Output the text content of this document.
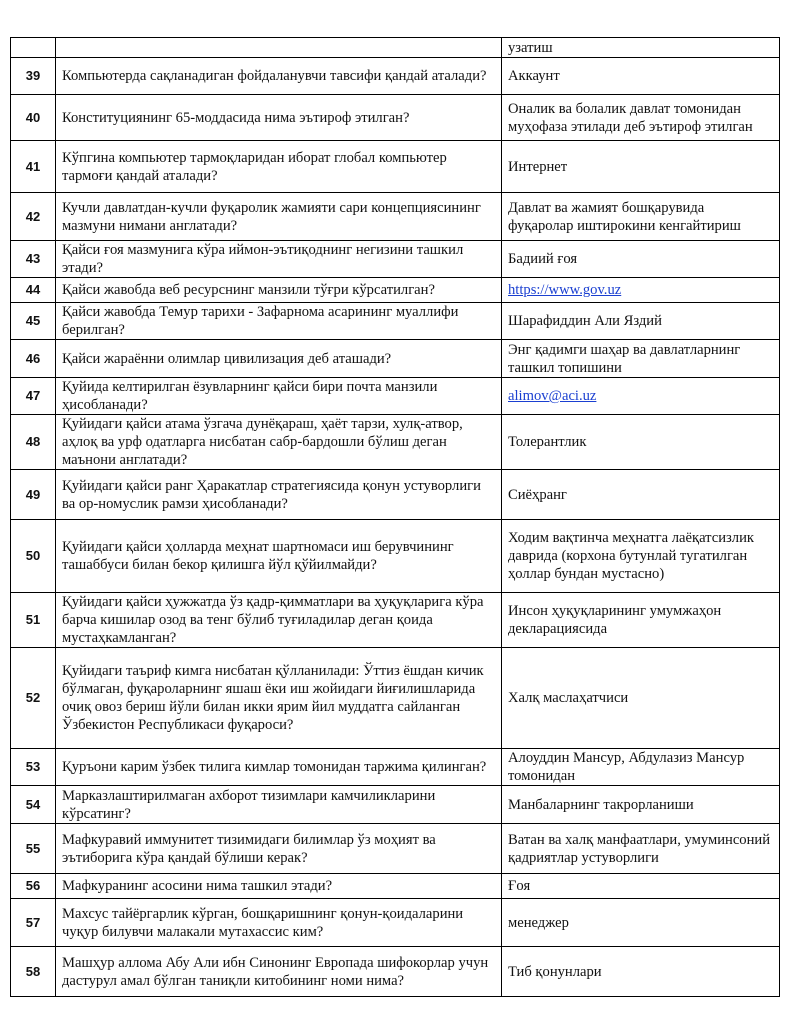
		узатиш
39	Компьютерда сақланадиган фойдаланувчи тавсифи қандай аталади?	Аккаунт
40	Конституциянинг 65-моддасида нима эътироф этилган?	Оналик ва болалик давлат томонидан муҳофаза этилади деб эътироф этилган
41	Кўпгина компьютер тармоқларидан иборат глобал компьютер тармоғи қандай аталади?	Интернет
42	Кучли давлатдан-кучли фуқаролик жамияти сари концепциясининг мазмуни нимани англатади?	Давлат ва жамият бошқарувида фуқаролар иштирокини кенгайтириш
43	Қайси ғоя мазмунига кўра иймон-эътиқоднинг негизини ташкил этади?	Бадиий ғоя
44	Қайси жавобда веб ресурснинг манзили тўғри кўрсатилган?	https://www.gov.uz
45	Қайси жавобда Темур тарихи - Зафарнома асарининг муаллифи берилган?	Шарафиддин Али Яздий
46	Қайси жараённи олимлар цивилизация деб аташади?	Энг қадимги шаҳар ва давлатларнинг ташкил топишини
47	Қуйида келтирилган ёзувларнинг қайси бири почта манзили ҳисобланади?	alimov@aci.uz
48	Қуйидаги қайси атама ўзгача дунёқараш, ҳаёт тарзи, хулқ-атвор, аҳлоқ ва урф одатларга нисбатан сабр-бардошли бўлиш деган маънони англатади?	Толерантлик
49	Қуйидаги қайси ранг Ҳаракатлар стратегиясида қонун устуворлиги ва ор-номуслик рамзи ҳисобланади?	Сиёҳранг
50	Қуйидаги қайси ҳолларда меҳнат шартномаси иш берувчининг ташаббуси билан бекор қилишга йўл қўйилмайди?	Ходим вақтинча меҳнатга лаёқатсизлик даврида (корхона бутунлай тугатилган ҳоллар бундан мустасно)
51	Қуйидаги қайси ҳужжатда ўз қадр-қимматлари ва ҳуқуқларига кўра барча кишилар озод ва тенг бўлиб туғиладилар деган қоида мустаҳкамланган?	Инсон ҳуқуқларининг умумжаҳон декларациясида
52	Қуйидаги таъриф кимга нисбатан қўлланилади: Ўттиз ёшдан кичик бўлмаган, фуқароларнинг яшаш ёки иш жойидаги йиғилишларида очиқ овоз бериш йўли билан икки ярим йил муддатга сайланган Ўзбекистон Республикаси фуқароси?	Халқ маслаҳатчиси
53	Қуръони карим ўзбек тилига кимлар томонидан таржима қилинган?	Алоуддин Мансур, Абдулазиз Мансур томонидан
54	Марказлаштирилмаган ахборот тизимлари камчиликларини кўрсатинг?	Манбаларнинг такрорланиши
55	Мафкуравий иммунитет тизимидаги билимлар ўз моҳият ва эътиборига кўра қандай бўлиши керак?	Ватан ва халқ манфаатлари, умуминсоний қадриятлар устуворлиги
56	Мафкуранинг асосини нима ташкил этади?	Ғоя
57	Махсус тайёргарлик кўрган, бошқаришнинг қонун-қоидаларини чуқур билувчи малакали мутахассис ким?	менеджер
58	Машҳур аллома Абу Али ибн Синонинг Европада шифокорлар учун дастурул амал бўлган таниқли китобининг номи нима?	Тиб қонунлари
